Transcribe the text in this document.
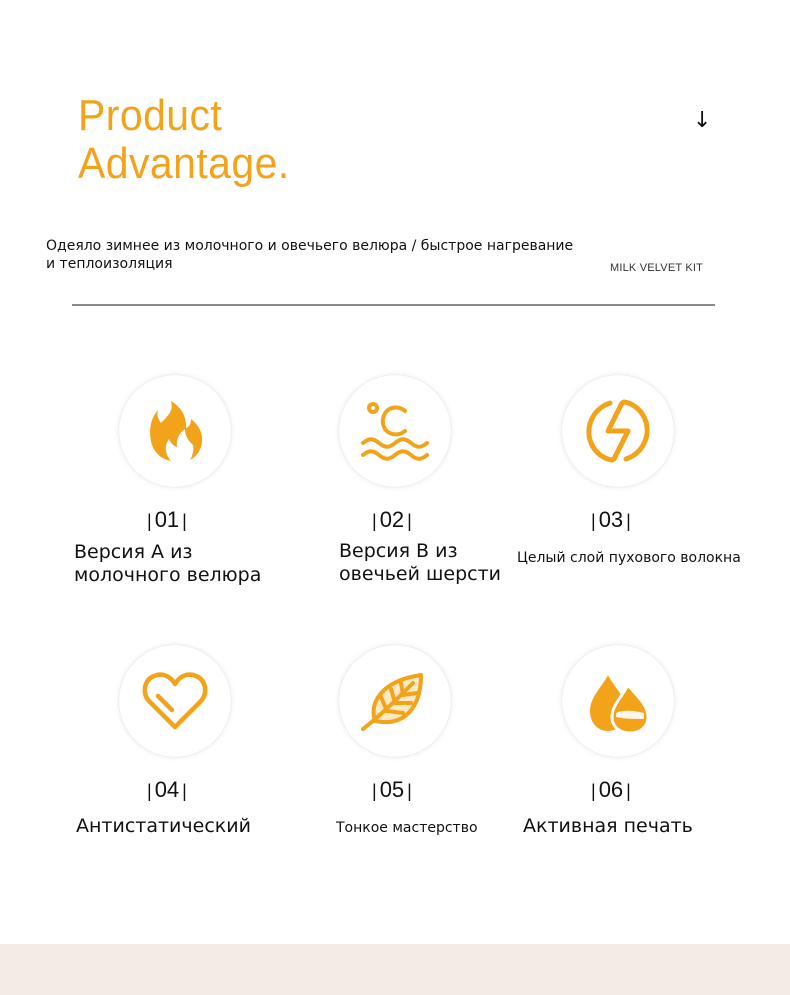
Product
Advantage.
↓

Одеяло зимнее из молочного и овечьего велюра / быстрое нагревание и теплоизоляция	MILK VELVET KIT
| 01 |
Версия A из
молочного велюра
| 02 |
Версия B из
овечьей шерсти
| 03 |
Целый слой пухового волокна
| 04 |
Антистатический
| 05 |
Тонкое мастерство
| 06 |
Активная печать
